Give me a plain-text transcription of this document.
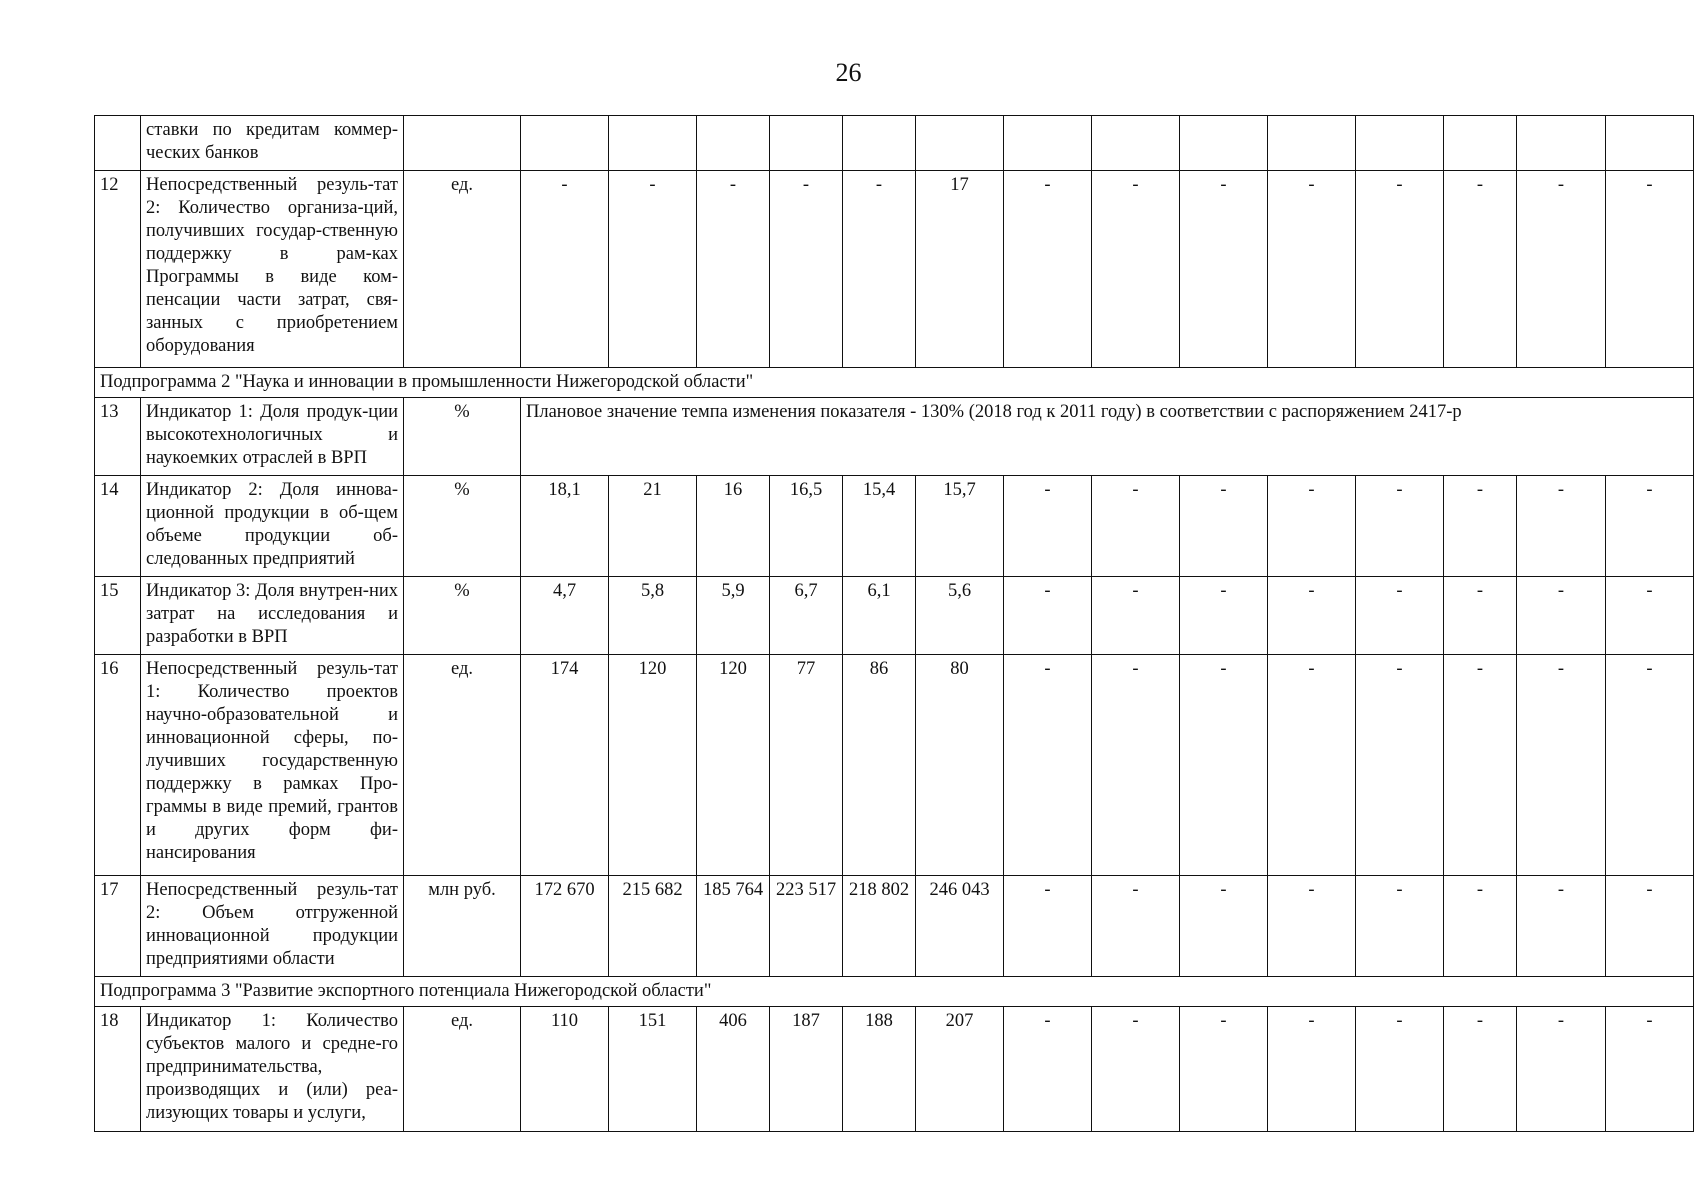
26
	ставки по кредитам коммер-ческих банков															
12	Непосредственный резуль-тат 2: Количество организа-ций, получивших государ-ственную поддержку в рам-ках Программы в виде ком-пенсации части затрат, свя-занных с приобретением оборудования	ед.	-	-	-	-	-	17	-	-	-	-	-	-	-	-
Подпрограмма 2 "Наука и инновации в промышленности Нижегородской области"																
13	Индикатор 1: Доля продук-ции высокотехнологичных и наукоемких отраслей в ВРП	%	Плановое значение темпа изменения показателя - 130% (2018 год к 2011 году) в соответствии с распоряжением 2417-р													
14	Индикатор 2: Доля иннова-ционной продукции в об-щем объеме продукции об-следованных предприятий	%	18,1	21	16	16,5	15,4	15,7	-	-	-	-	-	-	-	-
15	Индикатор 3: Доля внутрен-них затрат на исследования и разработки в ВРП	%	4,7	5,8	5,9	6,7	6,1	5,6	-	-	-	-	-	-	-	-
16	Непосредственный резуль-тат 1: Количество проектов научно-образовательной и инновационной сферы, по-лучивших государственную поддержку в рамках Про-граммы в виде премий, грантов и других форм фи-нансирования	ед.	174	120	120	77	86	80	-	-	-	-	-	-	-	-
17	Непосредственный резуль-тат 2: Объем отгруженной инновационной продукции предприятиями области	млн руб.	172 670	215 682	185 764	223 517	218 802	246 043	-	-	-	-	-	-	-	-
Подпрограмма 3 "Развитие экспортного потенциала Нижегородской области"																
18	Индикатор 1: Количество субъектов малого и средне-го предпринимательства, производящих и (или) реа-лизующих товары и услуги,	ед.	110	151	406	187	188	207	-	-	-	-	-	-	-	-
